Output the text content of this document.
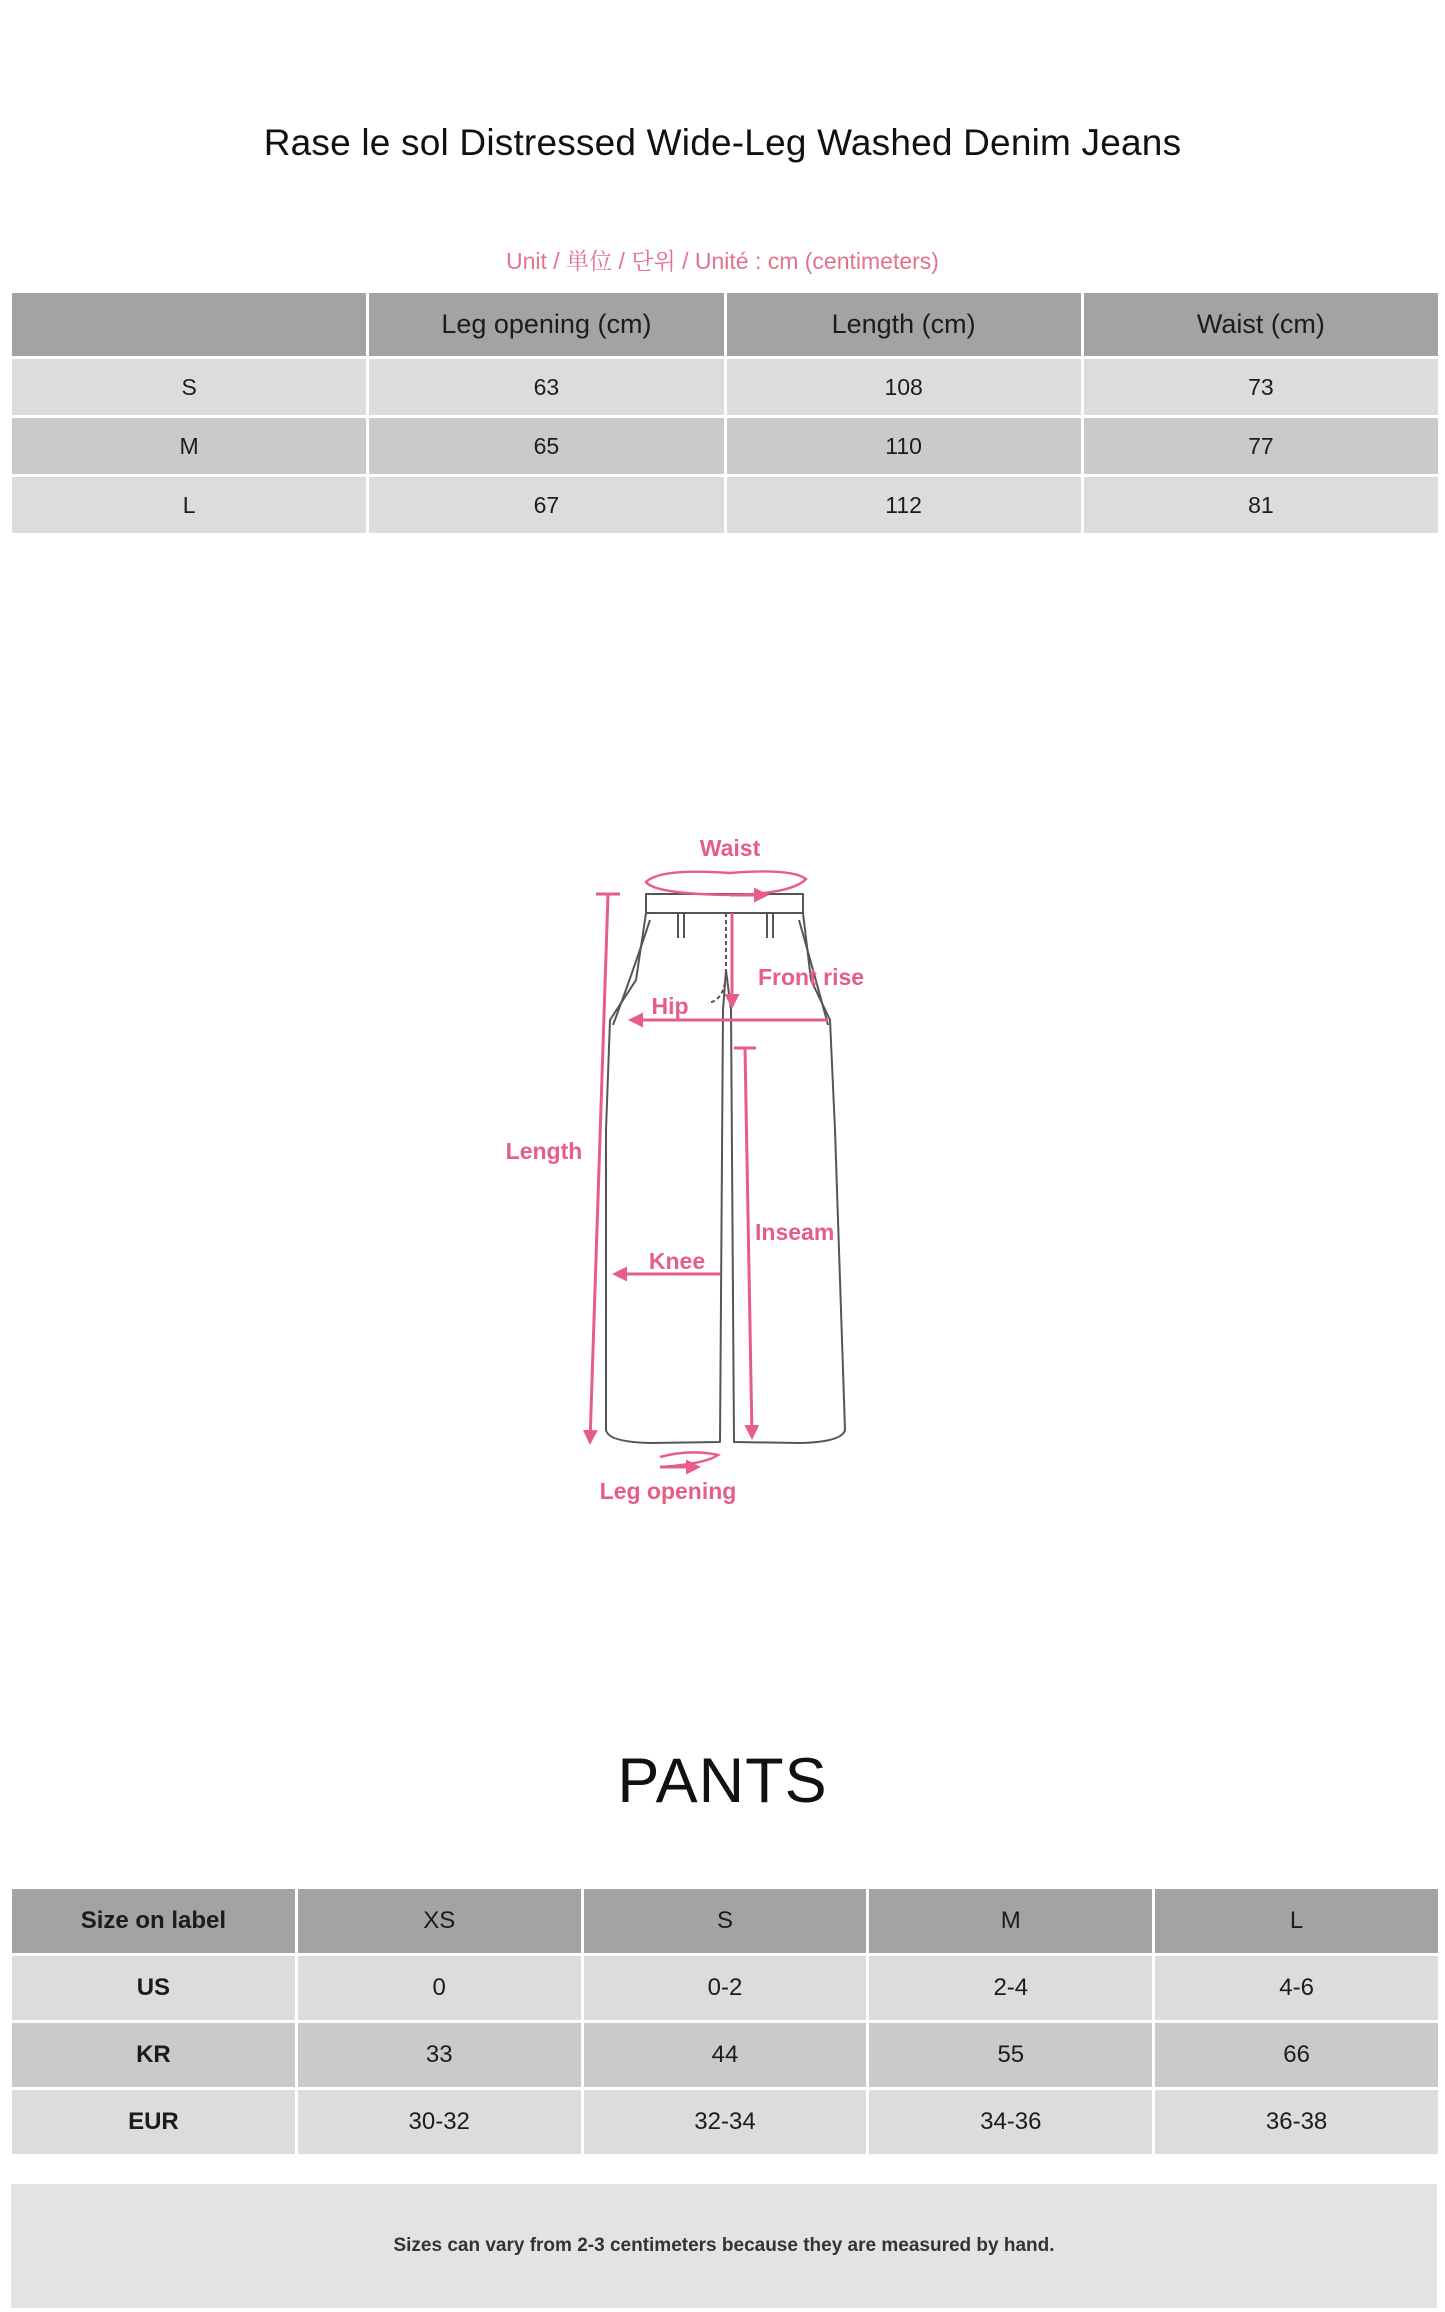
Rase le sol Distressed Wide-Leg Washed Denim Jeans
Unit / 単位 / 단위 / Unité : cm (centimeters)
	Leg opening (cm)	Length (cm)	Waist (cm)
S	63	108	73
M	65	110	77
L	67	112	81
Waist
Front rise
Hip
Length
Inseam
Knee
Leg opening
PANTS
Size on label	XS	S	M	L
US	0	0-2	2-4	4-6
KR	33	44	55	66
EUR	30-32	32-34	34-36	36-38
Sizes can vary from 2-3 centimeters because they are measured by hand.
